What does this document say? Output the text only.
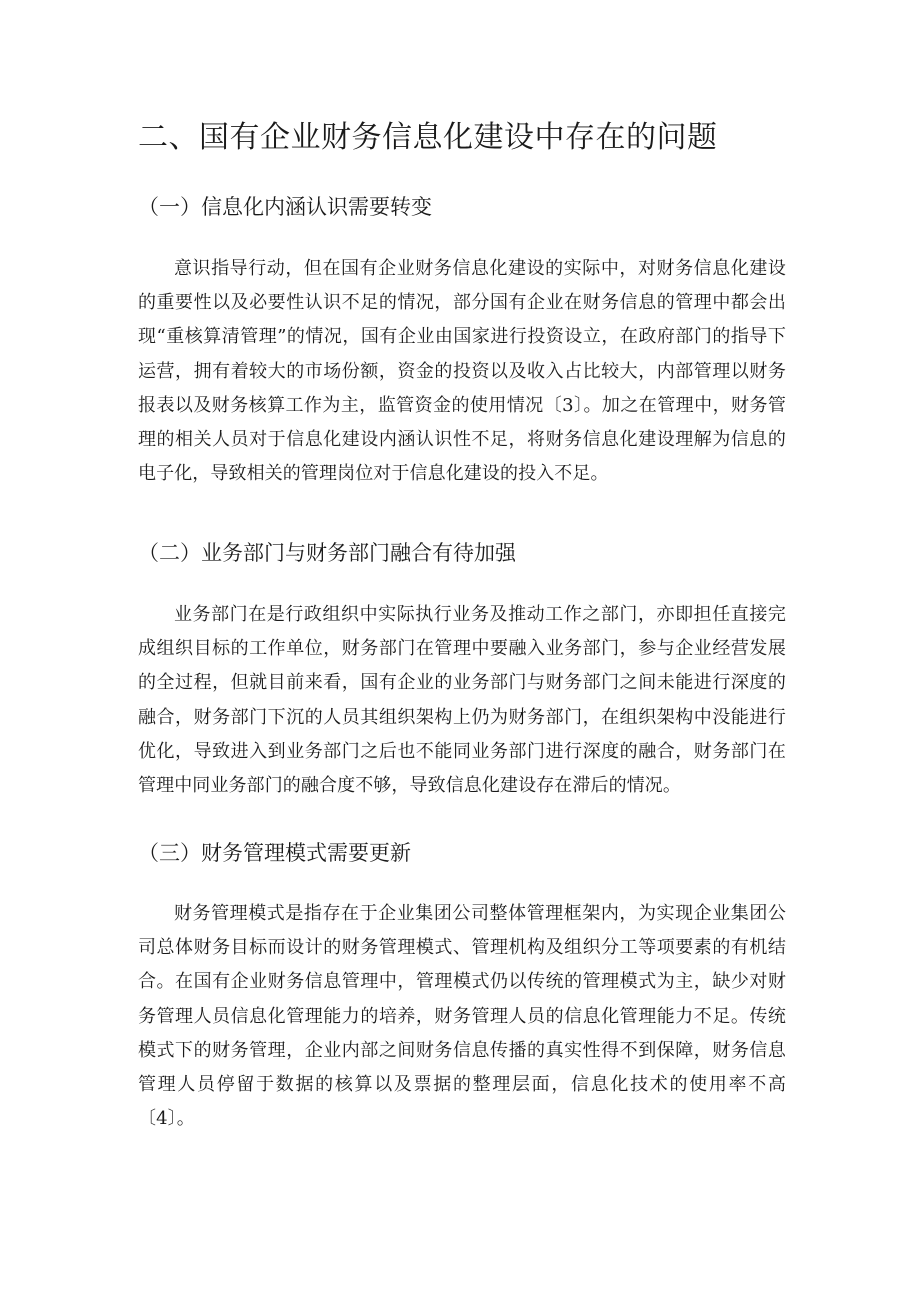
二、国有企业财务信息化建设中存在的问题
（一）信息化内涵认识需要转变

意识指导行动，但在国有企业财务信息化建设的实际中，对财务信息化建设的重要性以及必要性认识不足的情况，部分国有企业在财务信息的管理中都会出现“重核算清管理”的情况，国有企业由国家进行投资设立，在政府部门的指导下运营，拥有着较大的市场份额，资金的投资以及收入占比较大，内部管理以财务报表以及财务核算工作为主，监管资金的使用情况〔3〕。加之在管理中，财务管理的相关人员对于信息化建设内涵认识性不足，将财务信息化建设理解为信息的电子化，导致相关的管理岗位对于信息化建设的投入不足。

（二）业务部门与财务部门融合有待加强

业务部门在是行政组织中实际执行业务及推动工作之部门，亦即担任直接完成组织目标的工作单位，财务部门在管理中要融入业务部门，参与企业经营发展的全过程，但就目前来看，国有企业的业务部门与财务部门之间未能进行深度的融合，财务部门下沉的人员其组织架构上仍为财务部门，在组织架构中没能进行优化，导致进入到业务部门之后也不能同业务部门进行深度的融合，财务部门在管理中同业务部门的融合度不够，导致信息化建设存在滞后的情况。

（三）财务管理模式需要更新

财务管理模式是指存在于企业集团公司整体管理框架内，为实现企业集团公司总体财务目标而设计的财务管理模式、管理机构及组织分工等项要素的有机结合。在国有企业财务信息管理中，管理模式仍以传统的管理模式为主，缺少对财务管理人员信息化管理能力的培养，财务管理人员的信息化管理能力不足。传统模式下的财务管理，企业内部之间财务信息传播的真实性得不到保障，财务信息管理人员停留于数据的核算以及票据的整理层面，信息化技术的使用率不高〔4〕。
